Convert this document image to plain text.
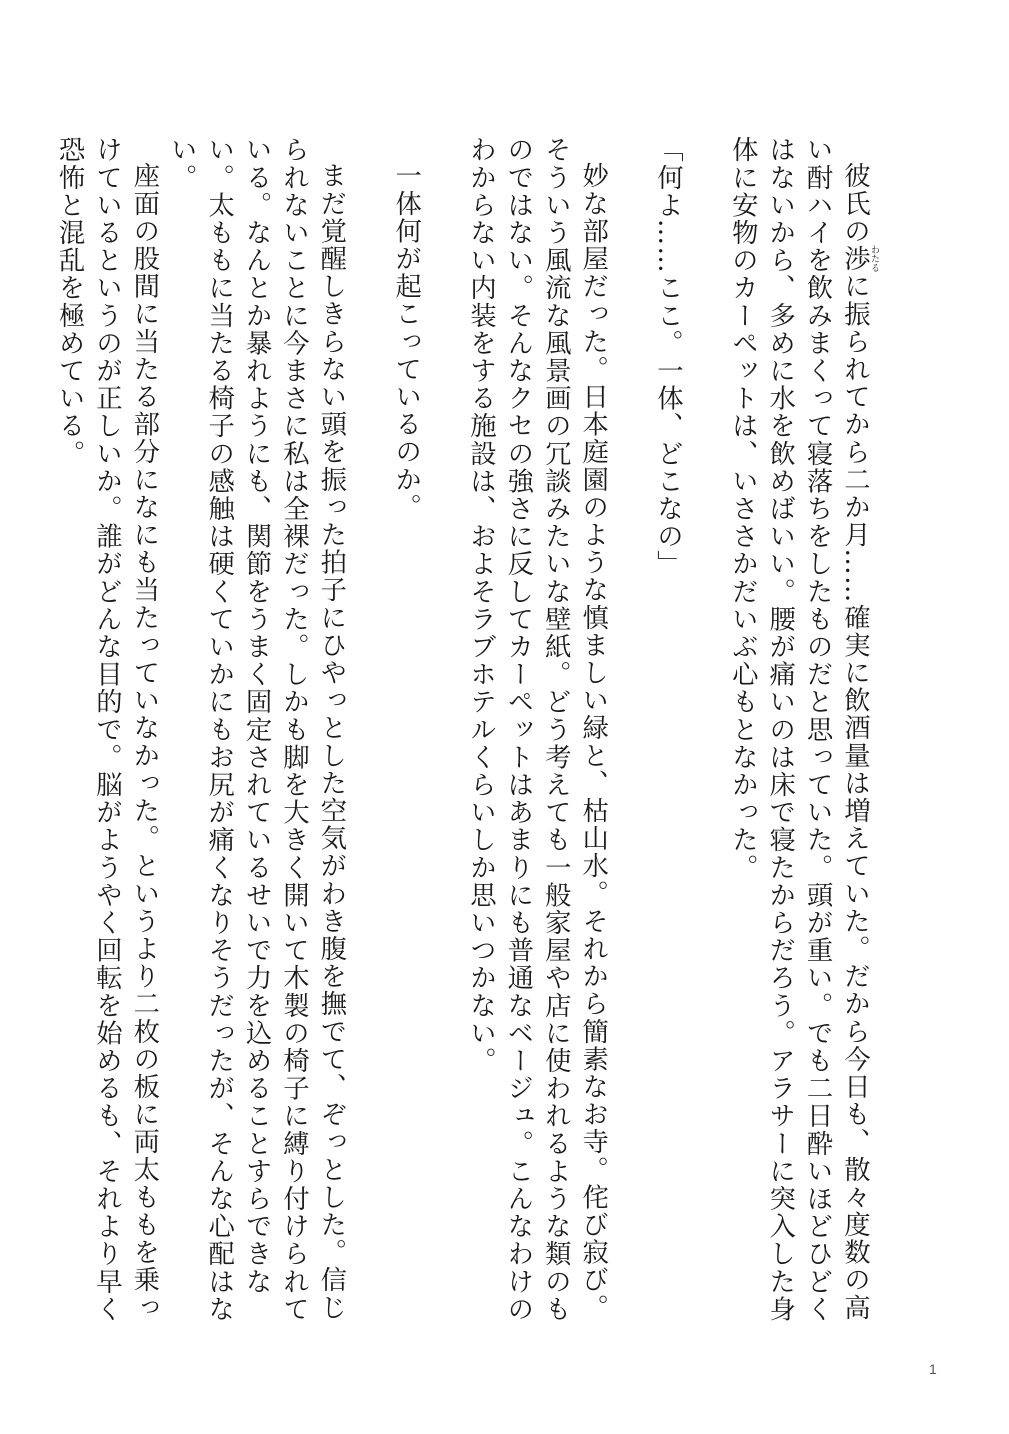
彼氏の渉わたるに振られてから二か月……確実に飲酒量は増えていた。だから今日も、散々度数の高い酎ハイを飲みまくって寝落ちをしたものだと思っていた。頭が重い。でも二日酔いほどひどくはないから、多めに水を飲めばいい。腰が痛いのは床で寝たからだろう。アラサーに突入した身体に安物のカーペットは、いささかだいぶ心もとなかった。

「何よ……ここ。一体、どこなの」

妙な部屋だった。日本庭園のような慎ましい緑と、枯山水。それから簡素なお寺。侘び寂び。そういう風流な風景画の冗談みたいな壁紙。どう考えても一般家屋や店に使われるような類のものではない。そんなクセの強さに反してカーペットはあまりにも普通なベージュ。こんなわけのわからない内装をする施設は、およそラブホテルくらいしか思いつかない。

一体何が起こっているのか。

まだ覚醒しきらない頭を振った拍子にひやっとした空気がわき腹を撫でて、ぞっとした。信じられないことに今まさに私は全裸だった。しかも脚を大きく開いて木製の椅子に縛り付けられている。なんとか暴れようにも、関節をうまく固定されているせいで力を込めることすらできない。太ももに当たる椅子の感触は硬くていかにもお尻が痛くなりそうだったが、そんな心配はない。

座面の股間に当たる部分になにも当たっていなかった。というより二枚の板に両太ももを乗っけているというのが正しいか。誰がどんな目的で。脳がようやく回転を始めるも、それより早く恐怖と混乱を極めている。

1
